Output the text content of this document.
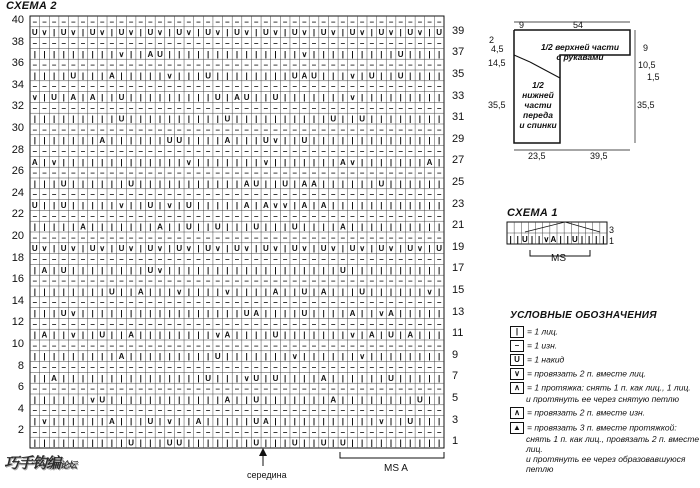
– – – – – – – – – – – – – – – – – – – – – – – – – – – – – – – – – – – – – – – – – – –
U ∨ | U ∨ | U ∨ | U ∨ | U ∨ | U ∨ | U ∨ | U ∨ | U ∨ | U ∨ | U ∨ | U ∨ | U ∨ | U ∨ | U
– – – – – – – – – – – – – – – – – – – – – – – – – – – – – – – – – – – – – – – – – – –
| | | | | | | | | ∨ | | A U | | | | | | | | | | | | | | ∨ | | | | | | | | | U | | | |
– – – – – – – – – – – – – – – – – – – – – – – – – – – – – – – – – – – – – – – – – – –
| | | | U | | | A | | | | | ∨ | | | U | | | | | | | | U A U | | | ∨ | U | | U | | | |
– – – – – – – – – – – – – – – – – – – – – – – – – – – – – – – – – – – – – – – – – – –
∨ | U | A | A | | U | | | | | | | | | U | A U | | U | | | | | | | ∨ | | | | | | | | |
– – – – – – – – – – – – – – – – – – – – – – – – – – – – – – – – – – – – – – – – – – –
| | | | | | | | | U | | | | | | | | | | U | | | | | | | | | | U | | U | | | | | | | |
– – – – – – – – – – – – – – – – – – – – – – – – – – – – – – – – – – – – – – – – – – –
| | | | | | | A | | | | | | U U | | | | A | | | U ∨ | | U | | | | | | | | | | | | | |
– – – – – – – – – – – – – – – – – – – – – – – – – – – – – – – – – – – – – – – – – – –
A | ∨ | | | | | | | | | | | | | ∨ | | | | | | | ∨ | | | | | | | A ∨ | | | | | | | A |
– – – – – – – – – – – – – – – – – – – – – – – – – – – – – – – – – – – – – – – – – – –
| | | U | | | | | | U | | | | | | | | | | | A U | | U | A A | | | | | | U | | | | | |
– – – – – – – – – – – – – – – – – – – – – – – – – – – – – – – – – – – – – – – – – – –
U | | U | | | | | ∨ | | U | ∨ | U | | | | | A | A ∨ ∨ | A | A | | | | | | | | | | | |
– – – – – – – – – – – – – – – – – – – – – – – – – – – – – – – – – – – – – – – – – – –
| | | | | A | | | | | | | A | | U | | U | | | U | | | U | | | | A | | | | | | | | | |
– – – – – – – – – – – – – – – – – – – – – – – – – – – – – – – – – – – – – – – – – – –
U ∨ | U ∨ | U ∨ | U ∨ | U ∨ | U ∨ | U ∨ | U ∨ | U ∨ | U ∨ | U ∨ | U ∨ | U ∨ | U ∨ | U
– – – – – – – – – – – – – – – – – – – – – – – – – – – – – – – – – – – – – – – – – – –
| A | U | | | | | | | | U ∨ | | | | | | | | | | | | | | | | | | U | | | | | | | | | |
– – – – – – – – – – – – – – – – – – – – – – – – – – – – – – – – – – – – – – – – – – –
| | | | | | | | U | | A | | | ∨ | | | | ∨ | | | | A | | U | A | | | U | | | | | | ∨ |
– – – – – – – – – – – – – – – – – – – – – – – – – – – – – – – – – – – – – – – – – – –
| | | U ∨ | | | | | | | | | | | | | | | | | U A | | | | U | | | | A | | ∨ A | | | | |
– – – – – – – – – – – – – – – – – – – – – – – – – – – – – – – – – – – – – – – – – – –
| A | | ∨ | | U | | A | | | | | | | | ∨ A | | | | U | | | | | | | ∨ | A | U | A | | |
– – – – – – – – – – – – – – – – – – – – – – – – – – – – – – – – – – – – – – – – – – –
| | | | | | | | | A | | | | | | | | | U | | | | | | | ∨ | | | | | | ∨ | | | | | | | |
– – – – – – – – – – – – – – – – – – – – – – – – – – – – – – – – – – – – – – – – – – –
| | A | | | | | | | | | | | | | | | U | | | ∨ U | U | | | | A | | | | | | U | | | | |
– – – – – – – – – – – – – – – – – – – – – – – – – – – – – – – – – – – – – – – – – – –
| | | | | | ∨ U | | | | | | | | | | | | A | | U | | | | | | | A | | | | | | | | U | |
– – – – – – – – – – – – – – – – – – – – – – – – – – – – – – – – – – – – – – – – – – –
| ∨ | | | | | | A | | | U | ∨ | | A | | | | | U A | | | | | | | | | | | ∨ | | U | | |
– – – – – – – – – – – – – – – – – – – – – – – – – – – – – – – – – – – – – – – – – – –
| | | | | | | | | | U | | | U U | | | | | | | U | | | U | | U | U | | | | | | | | | |
| | U | | ∨ A | | U | | | |
СХЕМА 2
40
38
36
34
32
30
28
26
24
22
20
18
16
14
12
10
8
6
4
2
39
37
35
33
31
29
27
25
23
21
19
17
15
13
11
9
7
5
3
1
середина
MS A
9	54
2
4,5
14,5
35,5
9
10,5
1,5
35,5
23,5	39,5
1/2 верхней части
с рукавами
1/2
нижней
части
переда
и спинки
СХЕМА 1
3
1
MS
УСЛОВНЫЕ ОБОЗНАЧЕНИЯ
| = 1 лиц.
– = 1 изн.
U = 1 накид
∨ = провязать 2 п. вместе лиц.
∧ = 1 протяжка: снять 1 п. как лиц., 1 лиц.
и протянуть ее через снятую петлю
∧ = провязать 2 п. вместе изн.
▲ = провязать 3 п. вместе протяжкой:
снять 1 п. как лиц., провязать 2 п. вместе лиц.
и протянуть ее через образовавшуюся петлю
巧手钩编论坛
